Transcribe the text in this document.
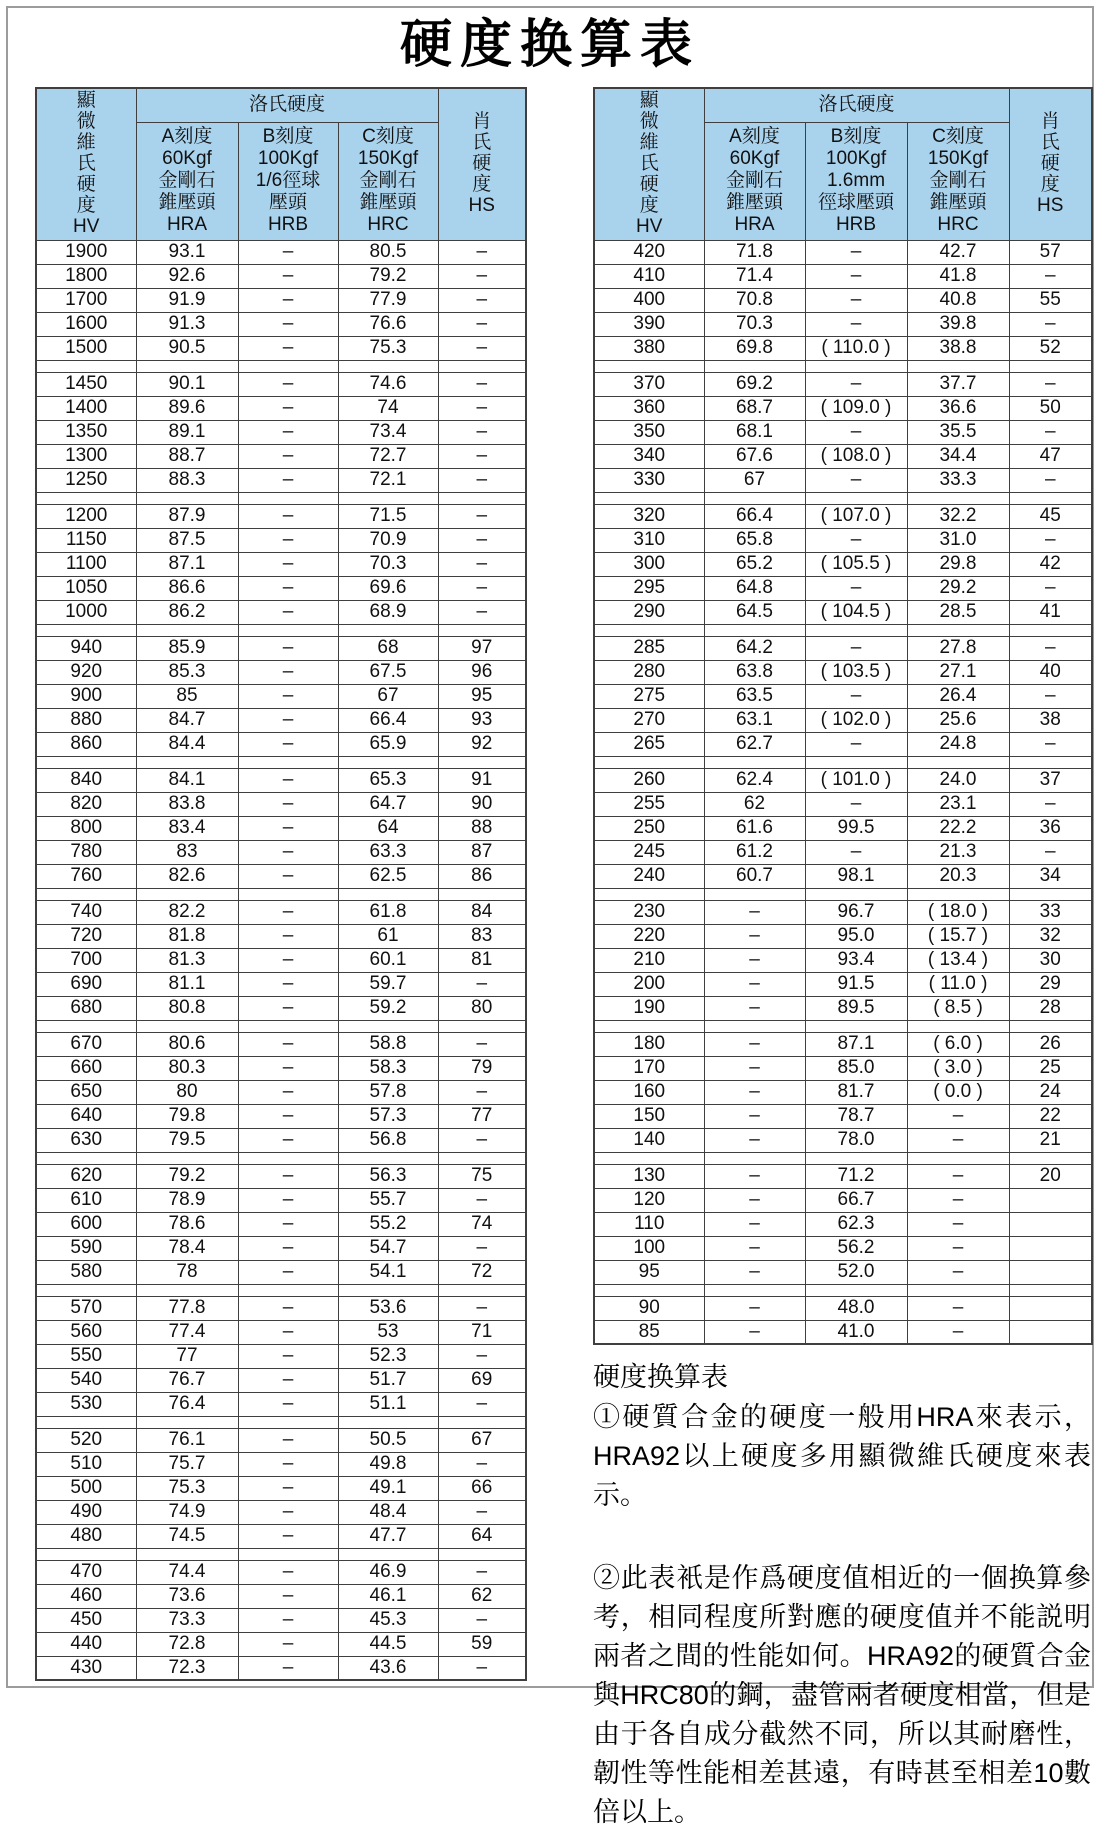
硬度换算表
顯微維氏硬度
HV
	洛氏硬度	
肖氏硬度
HS

	A刻度
60Kgf
金剛石
錐壓頭
HRA	B刻度
100Kgf
1/6徑球
壓頭
HRB	C刻度
150Kgf
金剛石
錐壓頭
HRC	
1900	93.1	–	80.5	–
1800	92.6	–	79.2	–
1700	91.9	–	77.9	–
1600	91.3	–	76.6	–
1500	90.5	–	75.3	–

1450	90.1	–	74.6	–
1400	89.6	–	74	–
1350	89.1	–	73.4	–
1300	88.7	–	72.7	–
1250	88.3	–	72.1	–

1200	87.9	–	71.5	–
1150	87.5	–	70.9	–
1100	87.1	–	70.3	–
1050	86.6	–	69.6	–
1000	86.2	–	68.9	–

940	85.9	–	68	97
920	85.3	–	67.5	96
900	85	–	67	95
880	84.7	–	66.4	93
860	84.4	–	65.9	92

840	84.1	–	65.3	91
820	83.8	–	64.7	90
800	83.4	–	64	88
780	83	–	63.3	87
760	82.6	–	62.5	86

740	82.2	–	61.8	84
720	81.8	–	61	83
700	81.3	–	60.1	81
690	81.1	–	59.7	–
680	80.8	–	59.2	80

670	80.6	–	58.8	–
660	80.3	–	58.3	79
650	80	–	57.8	–
640	79.8	–	57.3	77
630	79.5	–	56.8	–

620	79.2	–	56.3	75
610	78.9	–	55.7	–
600	78.6	–	55.2	74
590	78.4	–	54.7	–
580	78	–	54.1	72

570	77.8	–	53.6	–
560	77.4	–	53	71
550	77	–	52.3	–
540	76.7	–	51.7	69
530	76.4	–	51.1	–

520	76.1	–	50.5	67
510	75.7	–	49.8	–
500	75.3	–	49.1	66
490	74.9	–	48.4	–
480	74.5	–	47.7	64

470	74.4	–	46.9	–
460	73.6	–	46.1	62
450	73.3	–	45.3	–
440	72.8	–	44.5	59
430	72.3	–	43.6	–
顯微維氏硬度
HV
	洛氏硬度	
肖氏硬度
HS

	A刻度
60Kgf
金剛石
錐壓頭
HRA	B刻度
100Kgf
1.6mm
徑球壓頭
HRB	C刻度
150Kgf
金剛石
錐壓頭
HRC	
420	71.8	–	42.7	57
410	71.4	–	41.8	–
400	70.8	–	40.8	55
390	70.3	–	39.8	–
380	69.8	( 110.0 )	38.8	52

370	69.2	–	37.7	–
360	68.7	( 109.0 )	36.6	50
350	68.1	–	35.5	–
340	67.6	( 108.0 )	34.4	47
330	67	–	33.3	–

320	66.4	( 107.0 )	32.2	45
310	65.8	–	31.0	–
300	65.2	( 105.5 )	29.8	42
295	64.8	–	29.2	–
290	64.5	( 104.5 )	28.5	41

285	64.2	–	27.8	–
280	63.8	( 103.5 )	27.1	40
275	63.5	–	26.4	–
270	63.1	( 102.0 )	25.6	38
265	62.7	–	24.8	–

260	62.4	( 101.0 )	24.0	37
255	62	–	23.1	–
250	61.6	99.5	22.2	36
245	61.2	–	21.3	–
240	60.7	98.1	20.3	34

230	–	96.7	( 18.0 )	33
220	–	95.0	( 15.7 )	32
210	–	93.4	( 13.4 )	30
200	–	91.5	( 11.0 )	29
190	–	89.5	( 8.5 )	28

180	–	87.1	( 6.0 )	26
170	–	85.0	( 3.0 )	25
160	–	81.7	( 0.0 )	24
150	–	78.7	–	22
140	–	78.0	–	21

130	–	71.2	–	20
120	–	66.7	–	
110	–	62.3	–	
100	–	56.2	–	
95	–	52.0	–	

90	–	48.0	–	
85	–	41.0	–	
硬度换算表
①硬質合金的硬度一般用HRA來表示，HRA92以上硬度多用顯微維氏硬度來表示。
②此表衹是作爲硬度值相近的一個换算參考，相同程度所對應的硬度值并不能説明兩者之間的性能如何。HRA92的硬質合金與HRC80的鋼，盡管兩者硬度相當，但是由于各自成分截然不同，所以其耐磨性，韌性等性能相差甚遠，有時甚至相差10數倍以上。
